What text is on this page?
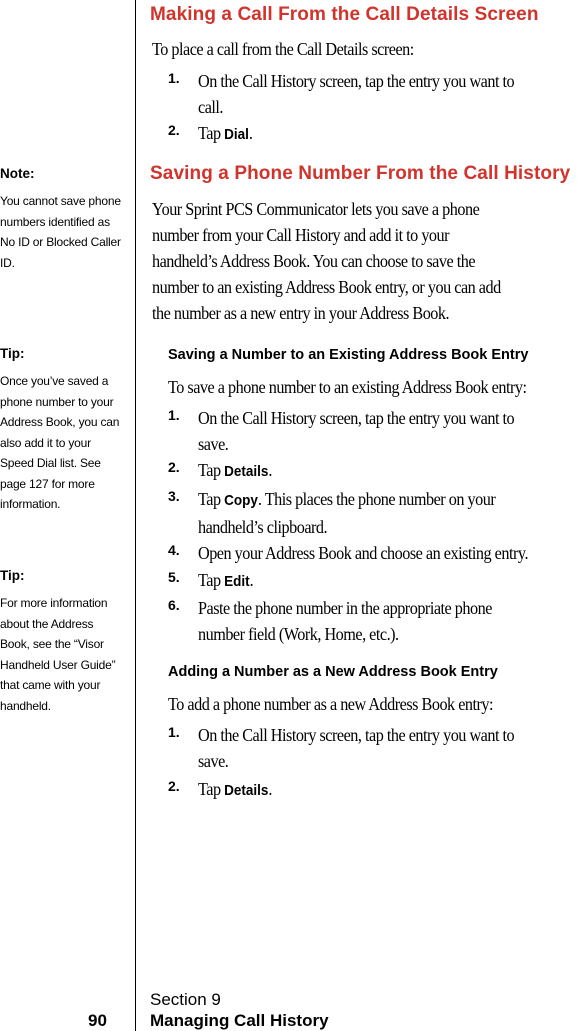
Note:
You cannot save phone
numbers identified as
No ID or Blocked Caller
ID.
Tip:
Once you’ve saved a
phone number to your
Address Book, you can
also add it to your
Speed Dial list. See
page 127 for more
information.
Tip:
For more information
about the Address
Book, see the “Visor
Handheld User Guide”
that came with your
handheld.
Making a Call From the Call Details Screen
To place a call from the Call Details screen:
1. On the Call History screen, tap the entry you want to
call.
2. Tap Dial.
Saving a Phone Number From the Call History
Your Sprint PCS Communicator lets you save a phone
number from your Call History and add it to your
handheld’s Address Book. You can choose to save the
number to an existing Address Book entry, or you can add
the number as a new entry in your Address Book.
Saving a Number to an Existing Address Book Entry
To save a phone number to an existing Address Book entry:
1. On the Call History screen, tap the entry you want to
save.
2. Tap Details.
3. Tap Copy. This places the phone number on your
handheld’s clipboard.
4. Open your Address Book and choose an existing entry.
5. Tap Edit.
6. Paste the phone number in the appropriate phone
number field (Work, Home, etc.).
Adding a Number as a New Address Book Entry
To add a phone number as a new Address Book entry:
1. On the Call History screen, tap the entry you want to
save.
2. Tap Details.
Section 9
90	Managing Call History
